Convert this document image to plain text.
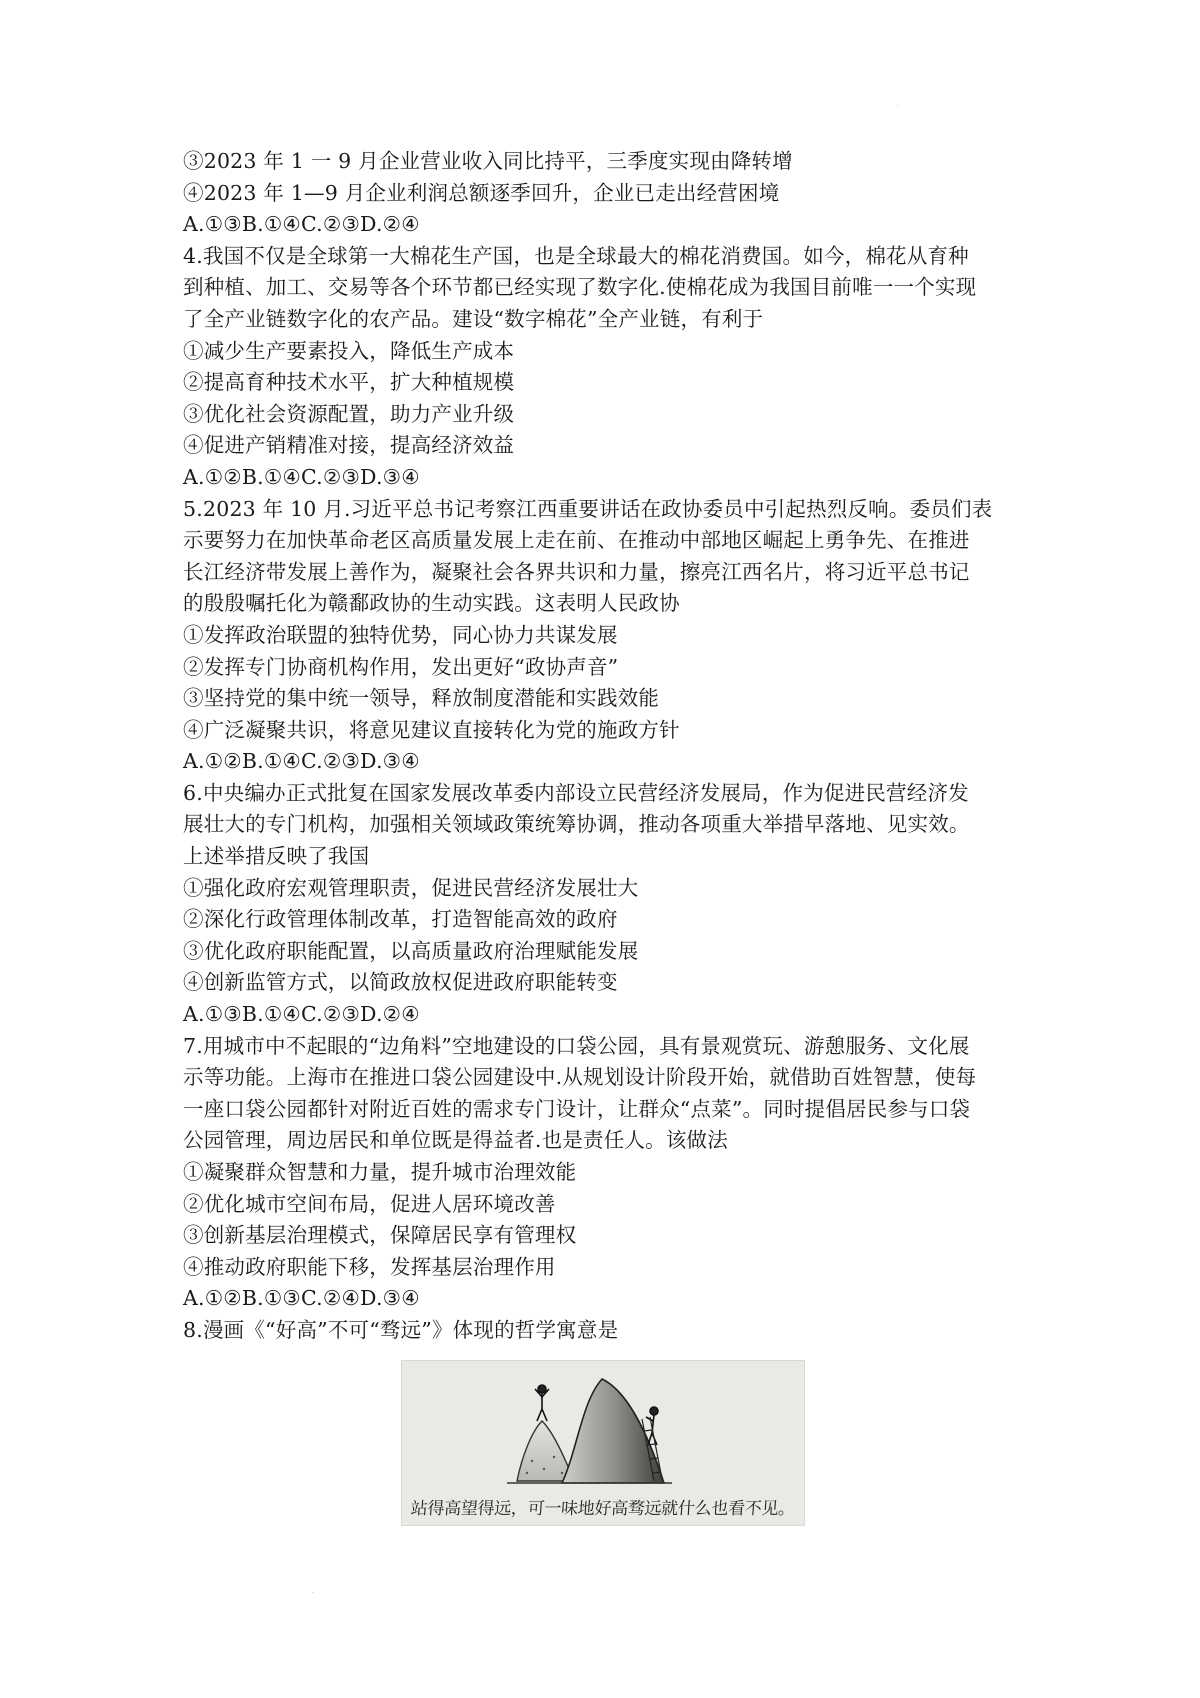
·
③2023 年 1 一 9 月企业营业收入同比持平，三季度实现由降转增
④2023 年 1—9 月企业利润总额逐季回升，企业已走出经营困境
A.①③B.①④C.②③D.②④
4.我国不仅是全球第一大棉花生产国，也是全球最大的棉花消费国。如今，棉花从育种
到种植、加工、交易等各个环节都已经实现了数字化.使棉花成为我国目前唯一一个实现
了全产业链数字化的农产品。建设“数字棉花”全产业链，有利于
①减少生产要素投入，降低生产成本
②提高育种技术水平，扩大种植规模
③优化社会资源配置，助力产业升级
④促进产销精准对接，提高经济效益
A.①②B.①④C.②③D.③④
5.2023 年 10 月.习近平总书记考察江西重要讲话在政协委员中引起热烈反响。委员们表
示要努力在加快革命老区高质量发展上走在前、在推动中部地区崛起上勇争先、在推进
长江经济带发展上善作为，凝聚社会各界共识和力量，擦亮江西名片，将习近平总书记
的殷殷嘱托化为赣鄱政协的生动实践。这表明人民政协
①发挥政治联盟的独特优势，同心协力共谋发展
②发挥专门协商机构作用，发出更好“政协声音”
③坚持党的集中统一领导，释放制度潜能和实践效能
④广泛凝聚共识，将意见建议直接转化为党的施政方针
A.①②B.①④C.②③D.③④
6.中央编办正式批复在国家发展改革委内部设立民营经济发展局，作为促进民营经济发
展壮大的专门机构，加强相关领域政策统筹协调，推动各项重大举措早落地、见实效。
上述举措反映了我国
①强化政府宏观管理职责，促进民营经济发展壮大
②深化行政管理体制改革，打造智能高效的政府
③优化政府职能配置，以高质量政府治理赋能发展
④创新监管方式，以简政放权促进政府职能转变
A.①③B.①④C.②③D.②④
7.用城市中不起眼的“边角料”空地建设的口袋公园，具有景观赏玩、游憩服务、文化展
示等功能。上海市在推进口袋公园建设中.从规划设计阶段开始，就借助百姓智慧，使每
一座口袋公园都针对附近百姓的需求专门设计，让群众“点菜”。同时提倡居民参与口袋
公园管理，周边居民和单位既是得益者.也是责任人。该做法
①凝聚群众智慧和力量，提升城市治理效能
②优化城市空间布局，促进人居环境改善
③创新基层治理模式，保障居民享有管理权
④推动政府职能下移，发挥基层治理作用
A.①②B.①③C.②④D.③④
8.漫画《“好高”不可“骛远”》体现的哲学寓意是
站得高望得远，可一味地好高骛远就什么也看不见。
·
